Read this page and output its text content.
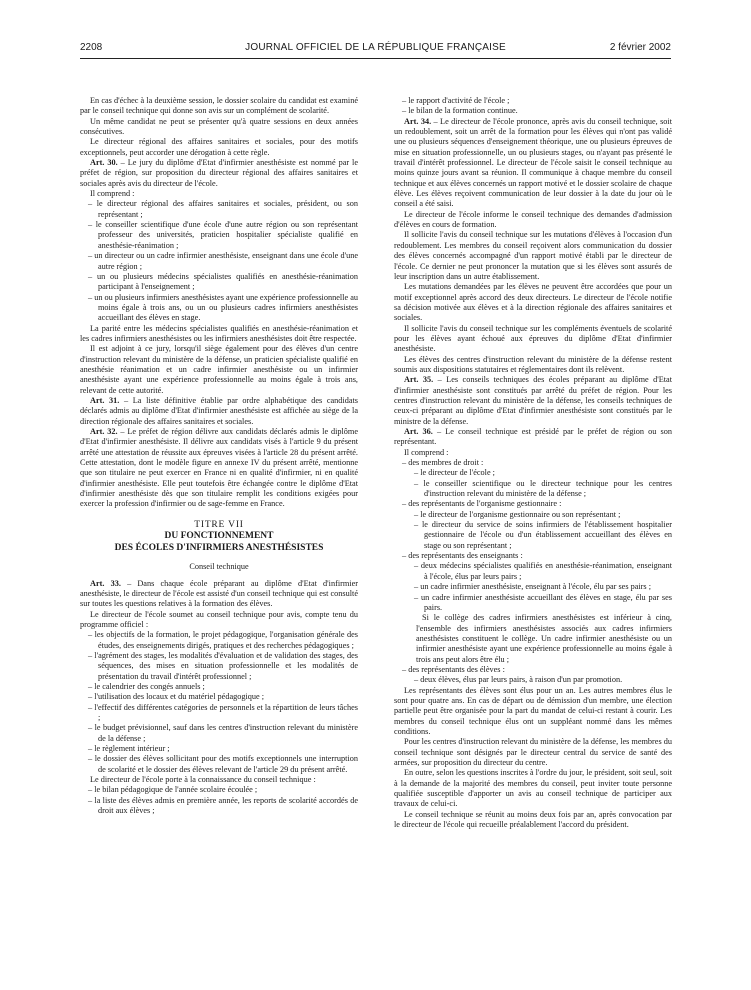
2208	JOURNAL OFFICIEL DE LA RÉPUBLIQUE FRANÇAISE	2 février 2002

En cas d'échec à la deuxième session, le dossier scolaire du candidat est examiné par le conseil technique qui donne son avis sur un complément de scolarité.

Un même candidat ne peut se présenter qu'à quatre sessions en deux années consécutives.

Le directeur régional des affaires sanitaires et sociales, pour des motifs exceptionnels, peut accorder une dérogation à cette règle.

Art. 30. – Le jury du diplôme d'Etat d'infirmier anesthésiste est nommé par le préfet de région, sur proposition du directeur régional des affaires sanitaires et sociales après avis du directeur de l'école.

Il comprend :

– le directeur régional des affaires sanitaires et sociales, président, ou son représentant ;
– le conseiller scientifique d'une école d'une autre région ou son représentant professeur des universités, praticien hospitalier spécialiste qualifié en anesthésie-réanimation ;
– un directeur ou un cadre infirmier anesthésiste, enseignant dans une école d'une autre région ;
– un ou plusieurs médecins spécialistes qualifiés en anesthésie-réanimation participant à l'enseignement ;
– un ou plusieurs infirmiers anesthésistes ayant une expérience professionnelle au moins égale à trois ans, ou un ou plusieurs cadres infirmiers anesthésistes accueillant des élèves en stage.

La parité entre les médecins spécialistes qualifiés en anesthésie-réanimation et les cadres infirmiers anesthésistes ou les infirmiers anesthésistes doit être respectée.

Il est adjoint à ce jury, lorsqu'il siège également pour des élèves d'un centre d'instruction relevant du ministère de la défense, un praticien spécialiste qualifié en anesthésie réanimation et un cadre infirmier anesthésiste ou un infirmier anesthésiste ayant une expérience professionnelle au moins égale à trois ans, relevant de cette autorité.

Art. 31. – La liste définitive établie par ordre alphabétique des candidats déclarés admis au diplôme d'Etat d'infirmier anesthésiste est affichée au siège de la direction régionale des affaires sanitaires et sociales.

Art. 32. – Le préfet de région délivre aux candidats déclarés admis le diplôme d'Etat d'infirmier anesthésiste. Il délivre aux candidats visés à l'article 9 du présent arrêté une attestation de réussite aux épreuves visées à l'article 28 du présent arrêté. Cette attestation, dont le modèle figure en annexe IV du présent arrêté, mentionne que son titulaire ne peut exercer en France ni en qualité d'infirmier, ni en qualité d'infirmier anesthésiste. Elle peut toutefois être échangée contre le diplôme d'Etat d'infirmier anesthésiste dès que son titulaire remplit les conditions exigées pour exercer la profession d'infirmier ou de sage-femme en France.

TITRE VII
DU FONCTIONNEMENT
DES ÉCOLES D'INFIRMIERS ANESTHÉSISTES
Conseil technique

Art. 33. – Dans chaque école préparant au diplôme d'Etat d'infirmier anesthésiste, le directeur de l'école est assisté d'un conseil technique qui est consulté sur toutes les questions relatives à la formation des élèves.

Le directeur de l'école soumet au conseil technique pour avis, compte tenu du programme officiel :

– les objectifs de la formation, le projet pédagogique, l'organisation générale des études, des enseignements dirigés, pratiques et des recherches pédagogiques ;
– l'agrément des stages, les modalités d'évaluation et de validation des stages, des séquences, des mises en situation professionnelle et les modalités de présentation du travail d'intérêt professionnel ;
– le calendrier des congés annuels ;
– l'utilisation des locaux et du matériel pédagogique ;
– l'effectif des différentes catégories de personnels et la répartition de leurs tâches ;
– le budget prévisionnel, sauf dans les centres d'instruction relevant du ministère de la défense ;
– le règlement intérieur ;
– le dossier des élèves sollicitant pour des motifs exceptionnels une interruption de scolarité et le dossier des élèves relevant de l'article 29 du présent arrêté.

Le directeur de l'école porte à la connaissance du conseil technique :

– le bilan pédagogique de l'année scolaire écoulée ;
– la liste des élèves admis en première année, les reports de scolarité accordés de droit aux élèves ;
– le rapport d'activité de l'école ;
– le bilan de la formation continue.

Art. 34. – Le directeur de l'école prononce, après avis du conseil technique, soit un redoublement, soit un arrêt de la formation pour les élèves qui n'ont pas validé une ou plusieurs séquences d'enseignement théorique, une ou plusieurs épreuves de mise en situation professionnelle, un ou plusieurs stages, ou n'ayant pas présenté le travail d'intérêt professionnel. Le directeur de l'école saisit le conseil technique au moins quinze jours avant sa réunion. Il communique à chaque membre du conseil technique et aux élèves concernés un rapport motivé et le dossier scolaire de chaque élève. Les élèves reçoivent communication de leur dossier à la date du jour où le conseil a été saisi.

Le directeur de l'école informe le conseil technique des demandes d'admission d'élèves en cours de formation.

Il sollicite l'avis du conseil technique sur les mutations d'élèves à l'occasion d'un redoublement. Les membres du conseil reçoivent alors communication du dossier des élèves concernés accompagné d'un rapport motivé établi par le directeur de l'école. Ce dernier ne peut prononcer la mutation que si les élèves sont assurés de leur inscription dans un autre établissement.

Les mutations demandées par les élèves ne peuvent être accordées que pour un motif exceptionnel après accord des deux directeurs. Le directeur de l'école notifie sa décision motivée aux élèves et à la direction régionale des affaires sanitaires et sociales.

Il sollicite l'avis du conseil technique sur les compléments éventuels de scolarité pour les élèves ayant échoué aux épreuves du diplôme d'Etat d'infirmier anesthésiste.

Les élèves des centres d'instruction relevant du ministère de la défense restent soumis aux dispositions statutaires et réglementaires dont ils relèvent.

Art. 35. – Les conseils techniques des écoles préparant au diplôme d'Etat d'infirmier anesthésiste sont constitués par arrêté du préfet de région. Pour les centres d'instruction relevant du ministère de la défense, les conseils techniques de ceux-ci préparant au diplôme d'Etat d'infirmier anesthésiste sont constitués par le ministre de la défense.

Art. 36. – Le conseil technique est présidé par le préfet de région ou son représentant.

Il comprend :

– des membres de droit :
– le directeur de l'école ;
– le conseiller scientifique ou le directeur technique pour les centres d'instruction relevant du ministère de la défense ;
– des représentants de l'organisme gestionnaire :
– le directeur de l'organisme gestionnaire ou son représentant ;
– le directeur du service de soins infirmiers de l'établissement hospitalier gestionnaire de l'école ou d'un établissement accueillant des élèves en stage ou son représentant ;
– des représentants des enseignants :
– deux médecins spécialistes qualifiés en anesthésie-réanimation, enseignant à l'école, élus par leurs pairs ;
– un cadre infirmier anesthésiste, enseignant à l'école, élu par ses pairs ;
– un cadre infirmier anesthésiste accueillant des élèves en stage, élu par ses pairs.

Si le collège des cadres infirmiers anesthésistes est inférieur à cinq, l'ensemble des infirmiers anesthésistes associés aux cadres infirmiers anesthésistes constituent le collège. Un cadre infirmier anesthésiste ou un infirmier anesthésiste ayant une expérience professionnelle au moins égale à trois ans peut alors être élu ;

– des représentants des élèves :
– deux élèves, élus par leurs pairs, à raison d'un par promotion.

Les représentants des élèves sont élus pour un an. Les autres membres élus le sont pour quatre ans. En cas de départ ou de démission d'un membre, une élection partielle peut être organisée pour la part du mandat de celui-ci restant à courir. Les membres du conseil technique élus ont un suppléant nommé dans les mêmes conditions.

Pour les centres d'instruction relevant du ministère de la défense, les membres du conseil technique sont désignés par le directeur central du service de santé des armées, sur proposition du directeur du centre.

En outre, selon les questions inscrites à l'ordre du jour, le président, soit seul, soit à la demande de la majorité des membres du conseil, peut inviter toute personne qualifiée susceptible d'apporter un avis au conseil technique de participer aux travaux de celui-ci.

Le conseil technique se réunit au moins deux fois par an, après convocation par le directeur de l'école qui recueille préalablement l'accord du président.
